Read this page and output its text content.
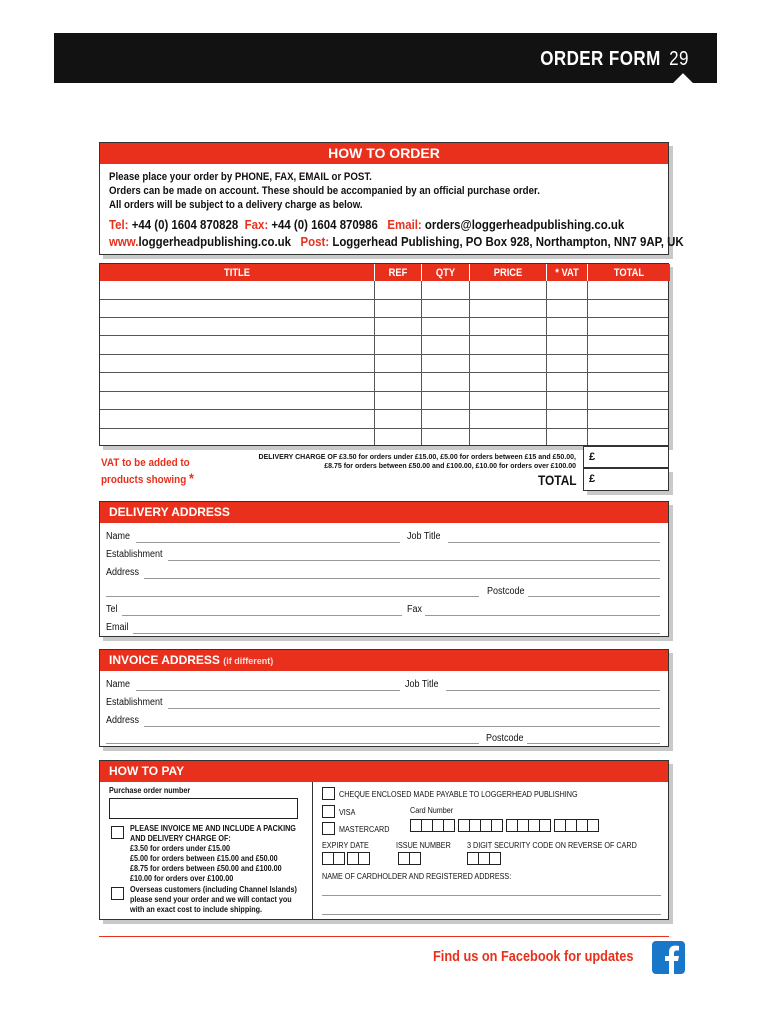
ORDER FORM 29
HOW TO ORDER
Please place your order by PHONE, FAX, EMAIL or POST.
Orders can be made on account. These should be accompanied by an official purchase order.
All orders will be subject to a delivery charge as below.
Tel: +44 (0) 1604 870828 Fax: +44 (0) 1604 870986 Email: orders@loggerheadpublishing.co.uk
www.loggerheadpublishing.co.uk Post: Loggerhead Publishing, PO Box 928, Northampton, NN7 9AP, UK
TITLE	REF	QTY	PRICE	* VAT	TOTAL
VAT to be added to
products showing *
DELIVERY CHARGE OF £3.50 for orders under £15.00, £5.00 for orders between £15 and £50.00,
£8.75 for orders between £50.00 and £100.00, £10.00 for orders over £100.00
TOTAL
£
£
DELIVERY ADDRESS
Name	Job Title
Establishment
Address
Postcode
Tel	Fax
Email
INVOICE ADDRESS (if different)
Name	Job Title
Establishment
Address
Postcode
HOW TO PAY
Purchase order number
PLEASE INVOICE ME AND INCLUDE A PACKING
AND DELIVERY CHARGE OF:
£3.50 for orders under £15.00
£5.00 for orders between £15.00 and £50.00
£8.75 for orders between £50.00 and £100.00
£10.00 for orders over £100.00
Overseas customers (including Channel Islands)
please send your order and we will contact you
with an exact cost to include shipping.
CHEQUE ENCLOSED MADE PAYABLE TO LOGGERHEAD PUBLISHING
VISA	Card Number
MASTERCARD
EXPIRY DATE	ISSUE NUMBER 3 DIGIT SECURITY CODE ON REVERSE OF CARD
NAME OF CARDHOLDER AND REGISTERED ADDRESS:
Find us on Facebook for updates
